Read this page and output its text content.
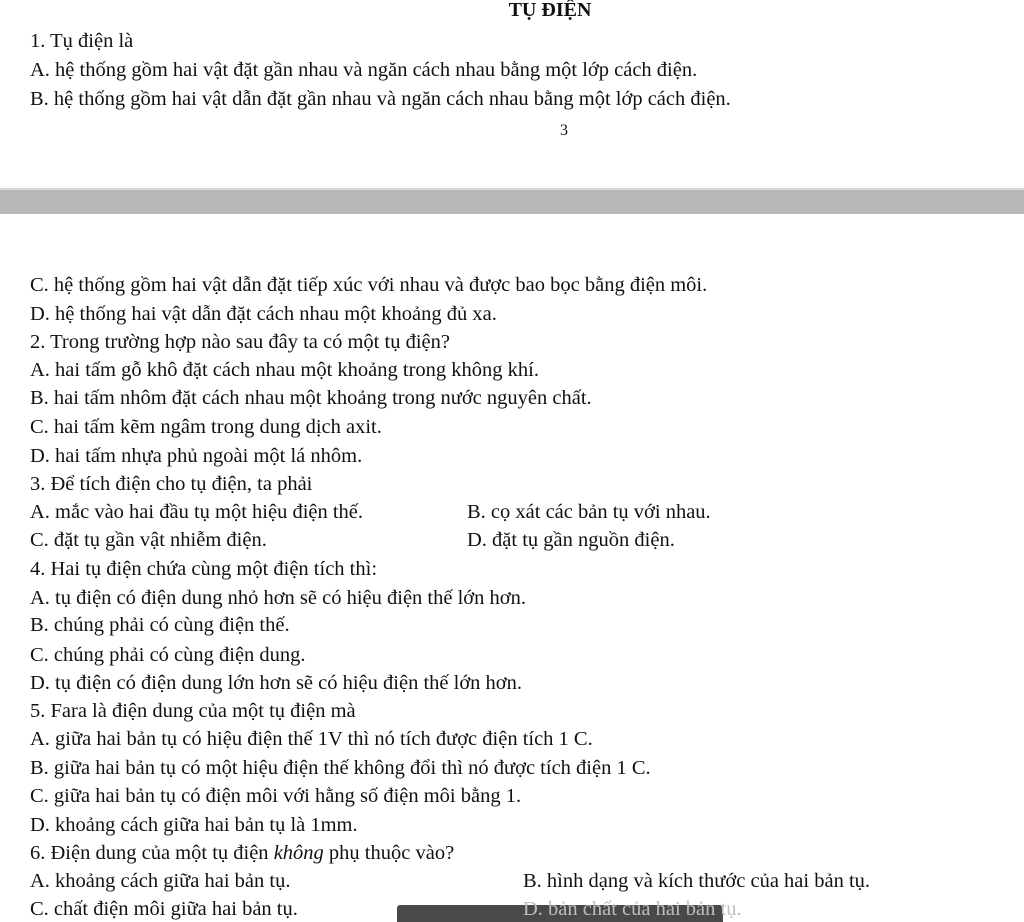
TỤ ĐIỆN
1. Tụ điện là
A. hệ thống gồm hai vật đặt gần nhau và ngăn cách nhau bằng một lớp cách điện.
B. hệ thống gồm hai vật dẫn đặt gần nhau và ngăn cách nhau bằng một lớp cách điện.
3
C. hệ thống gồm hai vật dẫn đặt tiếp xúc với nhau và được bao bọc bằng điện môi.
D. hệ thống hai vật dẫn đặt cách nhau một khoảng đủ xa.
2. Trong trường hợp nào sau đây ta có một tụ điện?
A. hai tấm gỗ khô đặt cách nhau một khoảng trong không khí.
B. hai tấm nhôm đặt cách nhau một khoảng trong nước nguyên chất.
C. hai tấm kẽm ngâm trong dung dịch axit.
D. hai tấm nhựa phủ ngoài một lá nhôm.
3. Để tích điện cho tụ điện, ta phải
A. mắc vào hai đầu tụ một hiệu điện thế.	B. cọ xát các bản tụ với nhau.
C. đặt tụ gần vật nhiễm điện.	D. đặt tụ gần nguồn điện.
4. Hai tụ điện chứa cùng một điện tích thì:
A. tụ điện có điện dung nhỏ hơn sẽ có hiệu điện thế lớn hơn.
B. chúng phải có cùng điện thế.
C. chúng phải có cùng điện dung.
D. tụ điện có điện dung lớn hơn sẽ có hiệu điện thế lớn hơn.
5. Fara là điện dung của một tụ điện mà
A. giữa hai bản tụ có hiệu điện thế 1V thì nó tích được điện tích 1 C.
B. giữa hai bản tụ có một hiệu điện thế không đổi thì nó được tích điện 1 C.
C. giữa hai bản tụ có điện môi với hằng số điện môi bằng 1.
D. khoảng cách giữa hai bản tụ là 1mm.
6. Điện dung của một tụ điện không phụ thuộc vào?
A. khoảng cách giữa hai bản tụ.	B. hình dạng và kích thước của hai bản tụ.
C. chất điện môi giữa hai bản tụ.	D. bản chất của hai bản tụ.
